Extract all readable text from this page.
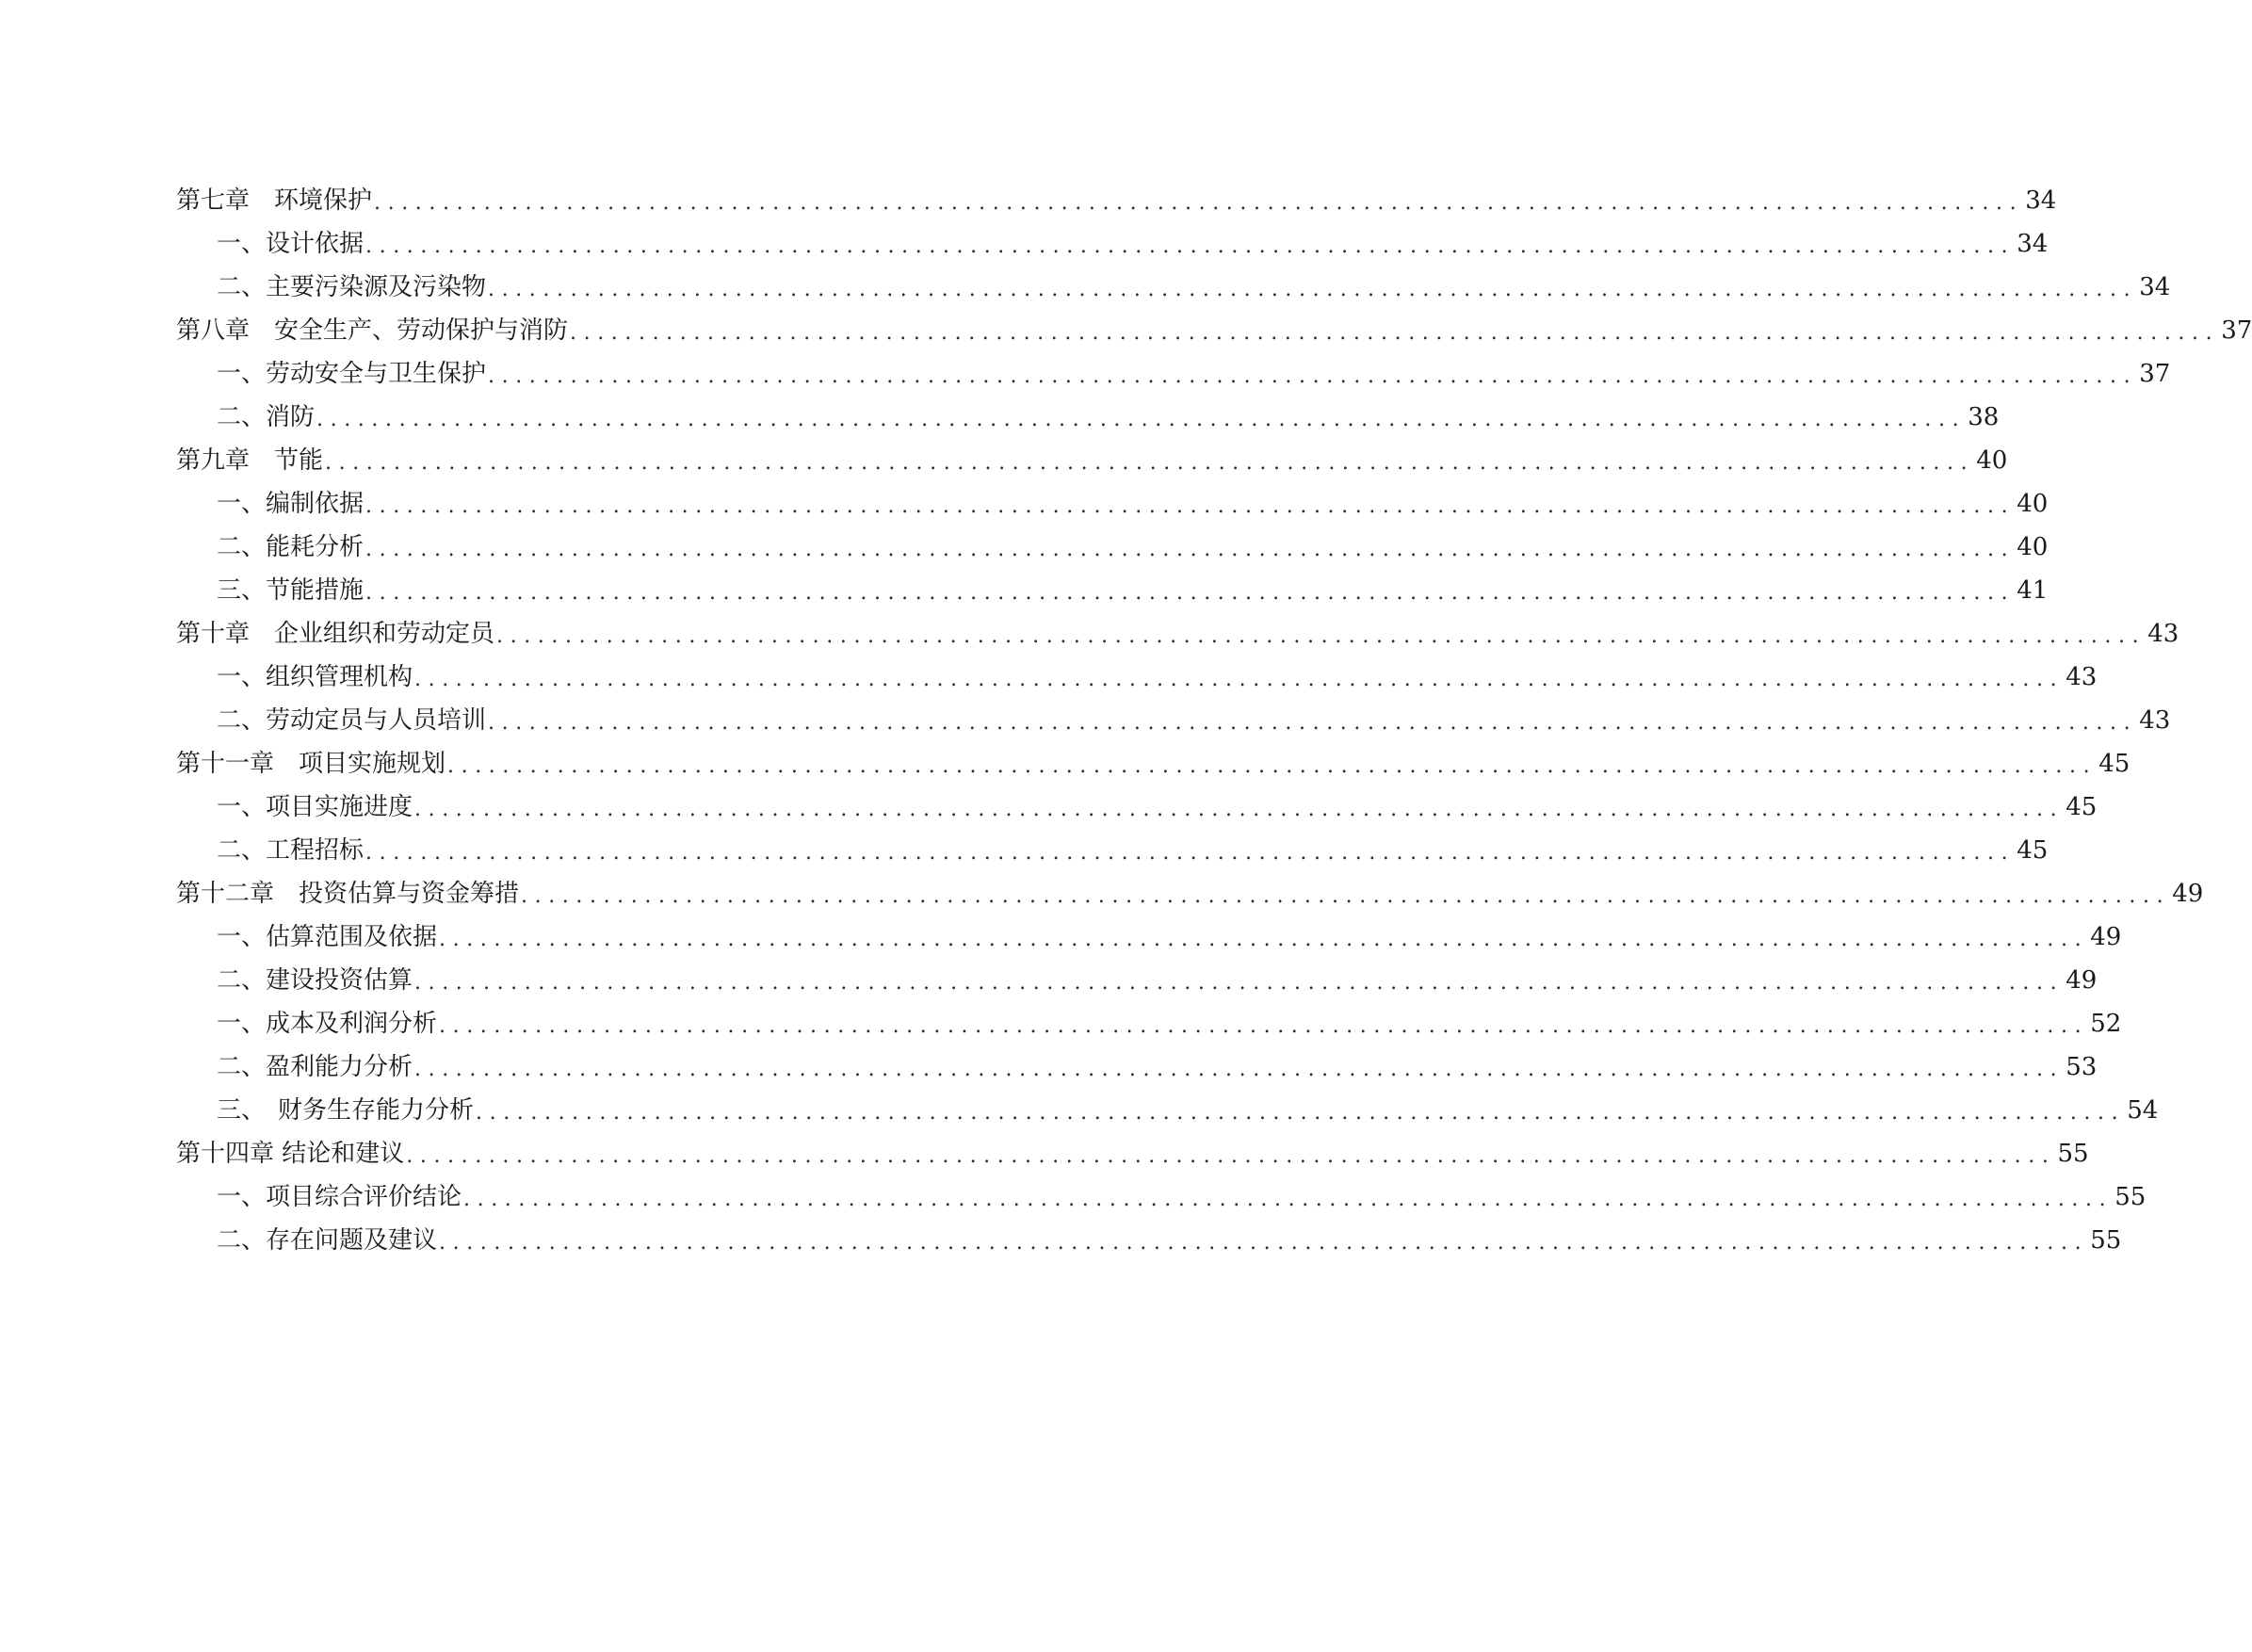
第七章　环境保护 ........................................................................................................................ 34
一、设计依据 ........................................................................................................................ 34
二、主要污染源及污染物 ........................................................................................................................ 34
第八章　安全生产、劳动保护与消防 ........................................................................................................................ 37
一、劳动安全与卫生保护 ........................................................................................................................ 37
二、消防 ........................................................................................................................ 38
第九章　节能 ........................................................................................................................ 40
一、编制依据 ........................................................................................................................ 40
二、能耗分析 ........................................................................................................................ 40
三、节能措施 ........................................................................................................................ 41
第十章　企业组织和劳动定员 ........................................................................................................................ 43
一、组织管理机构 ........................................................................................................................ 43
二、劳动定员与人员培训 ........................................................................................................................ 43
第十一章　项目实施规划 ........................................................................................................................ 45
一、项目实施进度 ........................................................................................................................ 45
二、工程招标 ........................................................................................................................ 45
第十二章　投资估算与资金筹措 ........................................................................................................................ 49
一、估算范围及依据 ........................................................................................................................ 49
二、建设投资估算 ........................................................................................................................ 49
一、成本及利润分析 ........................................................................................................................ 52
二、盈利能力分析 ........................................................................................................................ 53
三、　财务生存能力分析 ........................................................................................................................ 54
第十四章 结论和建议 ........................................................................................................................ 55
一、项目综合评价结论 ........................................................................................................................ 55
二、存在问题及建议 ........................................................................................................................ 55
